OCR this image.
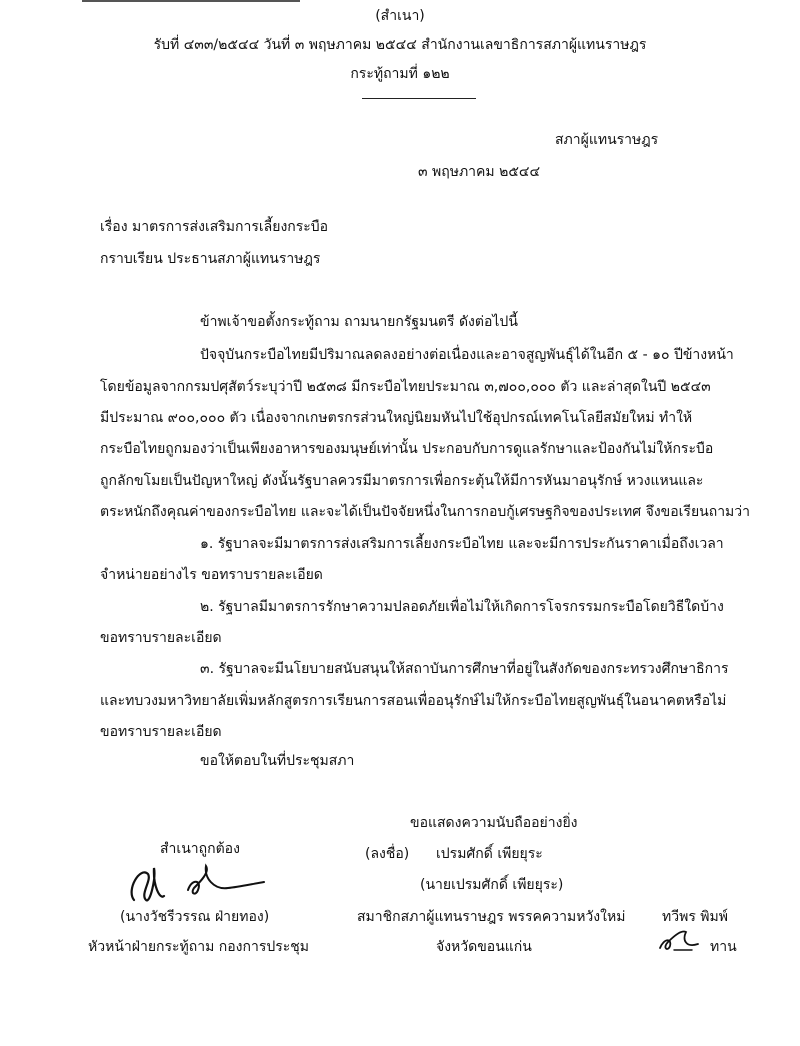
(สำเนา)
รับที่ ๔๓๓/๒๕๔๔ วันที่ ๓ พฤษภาคม ๒๕๔๔ สำนักงานเลขาธิการสภาผู้แทนราษฎร
กระทู้ถามที่ ๑๒๒
สภาผู้แทนราษฎร
๓ พฤษภาคม ๒๕๔๔
เรื่อง มาตรการส่งเสริมการเลี้ยงกระบือ
กราบเรียน ประธานสภาผู้แทนราษฎร
ข้าพเจ้าขอตั้งกระทู้ถาม ถามนายกรัฐมนตรี ดังต่อไปนี้
ปัจจุบันกระบือไทยมีปริมาณลดลงอย่างต่อเนื่องและอาจสูญพันธุ์ได้ในอีก ๕ - ๑๐ ปีข้างหน้า
โดยข้อมูลจากกรมปศุสัตว์ระบุว่าปี ๒๕๓๘ มีกระบือไทยประมาณ ๓,๗๐๐,๐๐๐ ตัว และล่าสุดในปี ๒๕๔๓
มีประมาณ ๙๐๐,๐๐๐ ตัว เนื่องจากเกษตรกรส่วนใหญ่นิยมหันไปใช้อุปกรณ์เทคโนโลยีสมัยใหม่ ทำให้
กระบือไทยถูกมองว่าเป็นเพียงอาหารของมนุษย์เท่านั้น ประกอบกับการดูแลรักษาและป้องกันไม่ให้กระบือ
ถูกลักขโมยเป็นปัญหาใหญ่ ดังนั้นรัฐบาลควรมีมาตรการเพื่อกระตุ้นให้มีการหันมาอนุรักษ์ หวงแหนและ
ตระหนักถึงคุณค่าของกระบือไทย และจะได้เป็นปัจจัยหนึ่งในการกอบกู้เศรษฐกิจของประเทศ จึงขอเรียนถามว่า
๑. รัฐบาลจะมีมาตรการส่งเสริมการเลี้ยงกระบือไทย และจะมีการประกันราคาเมื่อถึงเวลา
จำหน่ายอย่างไร ขอทราบรายละเอียด
๒. รัฐบาลมีมาตรการรักษาความปลอดภัยเพื่อไม่ให้เกิดการโจรกรรมกระบือโดยวิธีใดบ้าง
ขอทราบรายละเอียด
๓. รัฐบาลจะมีนโยบายสนับสนุนให้สถาบันการศึกษาที่อยู่ในสังกัดของกระทรวงศึกษาธิการ
และทบวงมหาวิทยาลัยเพิ่มหลักสูตรการเรียนการสอนเพื่ออนุรักษ์ไม่ให้กระบือไทยสูญพันธุ์ในอนาคตหรือไม่
ขอทราบรายละเอียด
ขอให้ตอบในที่ประชุมสภา
ขอแสดงความนับถืออย่างยิ่ง
(ลงชื่อ) เปรมศักดิ์ เพียยุระ
(นายเปรมศักดิ์ เพียยุระ)
สมาชิกสภาผู้แทนราษฎร พรรคความหวังใหม่
จังหวัดขอนแก่น
สำเนาถูกต้อง
(นางวัชรีวรรณ ฝ่ายทอง)
หัวหน้าฝ่ายกระทู้ถาม กองการประชุม
ทวีพร พิมพ์
ทาน
